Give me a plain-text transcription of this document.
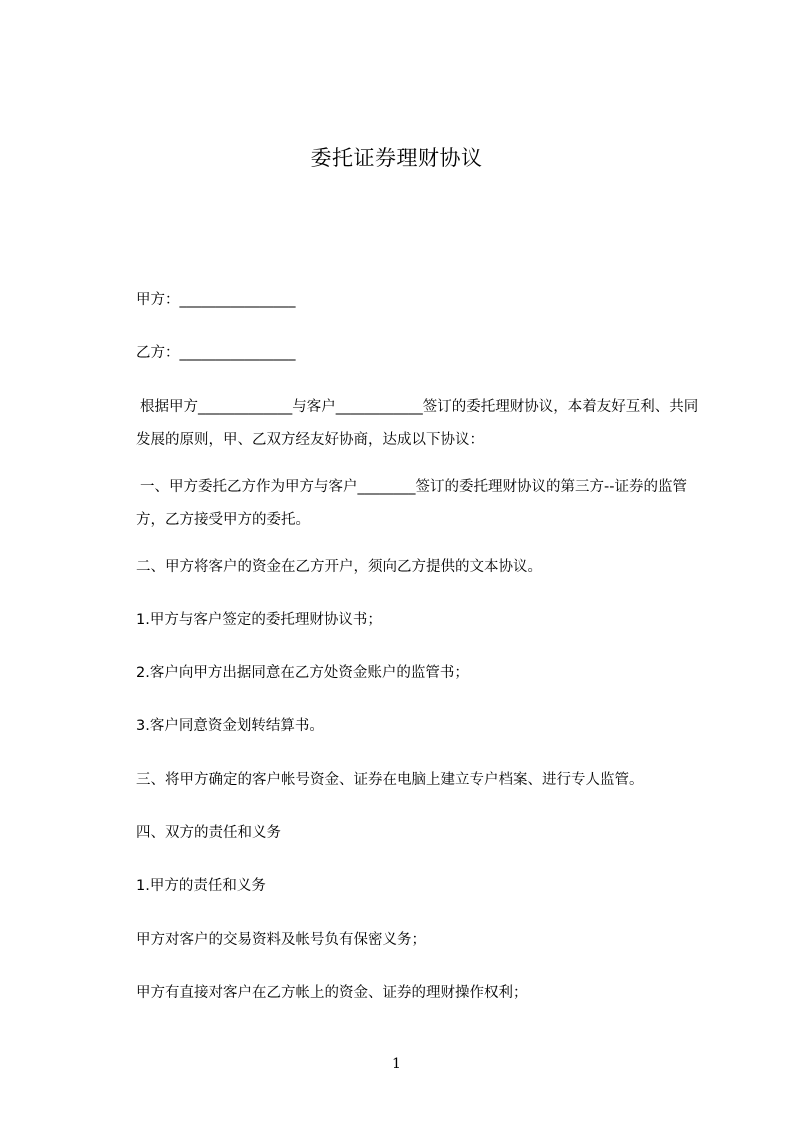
委托证券理财协议

甲方：________________

乙方：________________

根据甲方_____________与客户____________签订的委托理财协议，本着友好互利、共同发展的原则，甲、乙双方经友好协商，达成以下协议：

一、甲方委托乙方作为甲方与客户________签订的委托理财协议的第三方--证券的监管方，乙方接受甲方的委托。

二、甲方将客户的资金在乙方开户，须向乙方提供的文本协议。

1.甲方与客户签定的委托理财协议书；

2.客户向甲方出据同意在乙方处资金账户的监管书；

3.客户同意资金划转结算书。

三、将甲方确定的客户帐号资金、证券在电脑上建立专户档案、进行专人监管。

四、双方的责任和义务

1.甲方的责任和义务

甲方对客户的交易资料及帐号负有保密义务；

甲方有直接对客户在乙方帐上的资金、证券的理财操作权利；

1
